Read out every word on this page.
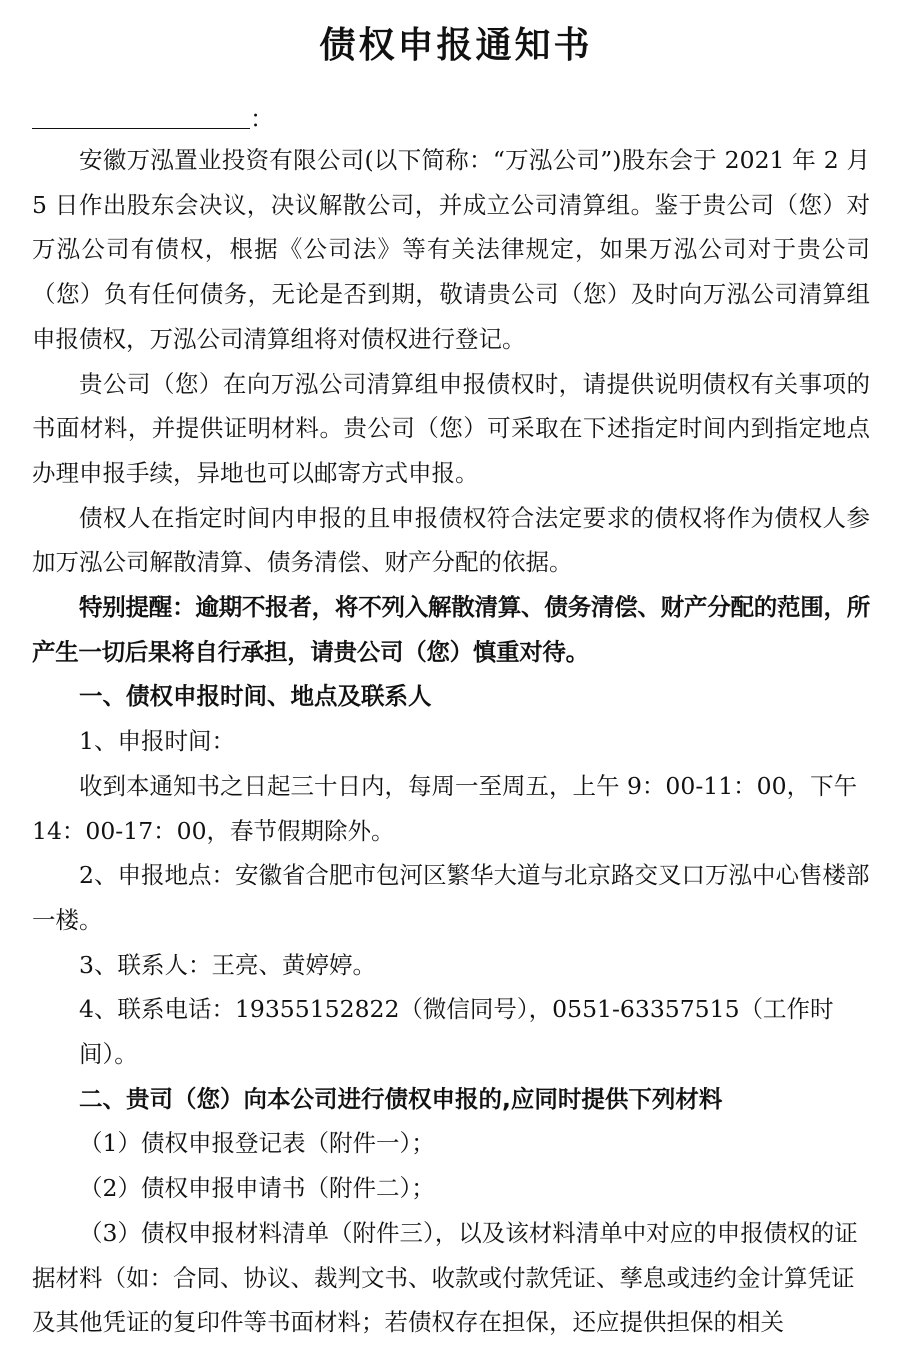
债权申报通知书
：

安徽万泓置业投资有限公司(以下简称：“万泓公司”)股东会于 2021 年 2 月 5 日作出股东会决议，决议解散公司，并成立公司清算组。鉴于贵公司（您）对万泓公司有债权，根据《公司法》等有关法律规定，如果万泓公司对于贵公司（您）负有任何债务，无论是否到期，敬请贵公司（您）及时向万泓公司清算组申报债权，万泓公司清算组将对债权进行登记。

贵公司（您）在向万泓公司清算组申报债权时，请提供说明债权有关事项的书面材料，并提供证明材料。贵公司（您）可采取在下述指定时间内到指定地点办理申报手续，异地也可以邮寄方式申报。

债权人在指定时间内申报的且申报债权符合法定要求的债权将作为债权人参加万泓公司解散清算、债务清偿、财产分配的依据。

特别提醒：逾期不报者，将不列入解散清算、债务清偿、财产分配的范围，所产生一切后果将自行承担，请贵公司（您）慎重对待。

一、债权申报时间、地点及联系人

1、申报时间：

收到本通知书之日起三十日内，每周一至周五，上午 9：00-11：00，下午 14：00-17：00，春节假期除外。

2、申报地点：安徽省合肥市包河区繁华大道与北京路交叉口万泓中心售楼部一楼。

3、联系人：王亮、黄婷婷。

4、联系电话：19355152822（微信同号），0551-63357515（工作时间）。

二、贵司（您）向本公司进行债权申报的,应同时提供下列材料

（1）债权申报登记表（附件一）；

（2）债权申报申请书（附件二）；

（3）债权申报材料清单（附件三），以及该材料清单中对应的申报债权的证据材料（如：合同、协议、裁判文书、收款或付款凭证、孳息或违约金计算凭证及其他凭证的复印件等书面材料；若债权存在担保，还应提供担保的相关
